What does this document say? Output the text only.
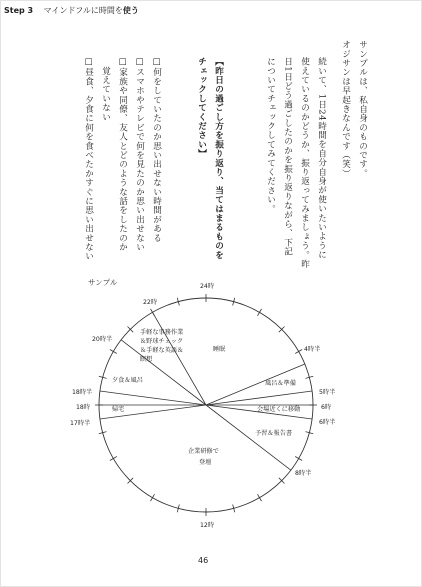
Step 3 マインドフルに時間を使う
サンプルは、私自身のものです。
オジサンは早起きなんです（笑）
続いて、1日24時間を自分自身が使いたいように
使えているのかどうか、振り返ってみましょう。昨
日1日どう過ごしたのかを振り返りながら、下記
についてチェックしてみてください。
【昨日の過ごし方を振り返り、当てはまるものを
チェックしてください】
□何をしていたのか思い出せない時間がある
□スマホやテレビで何を見たのか思い出せない
□家族や同僚、友人とどのような話をしたのか
　覚えていない
□昼食、夕食に何を食べたかすぐに思い出せない
サンプル	24時
12時
4時半
5時半
6時
6時半
8時半
17時半
18時
18時半
20時半
22時
睡眠
風呂＆準備
会場近くに移動
予習＆報告書
企業研修で
登壇
帰宅
夕食＆風呂
手軽な事務作業
＆野球チェック
＆手軽な英語＆
瞑想
46
